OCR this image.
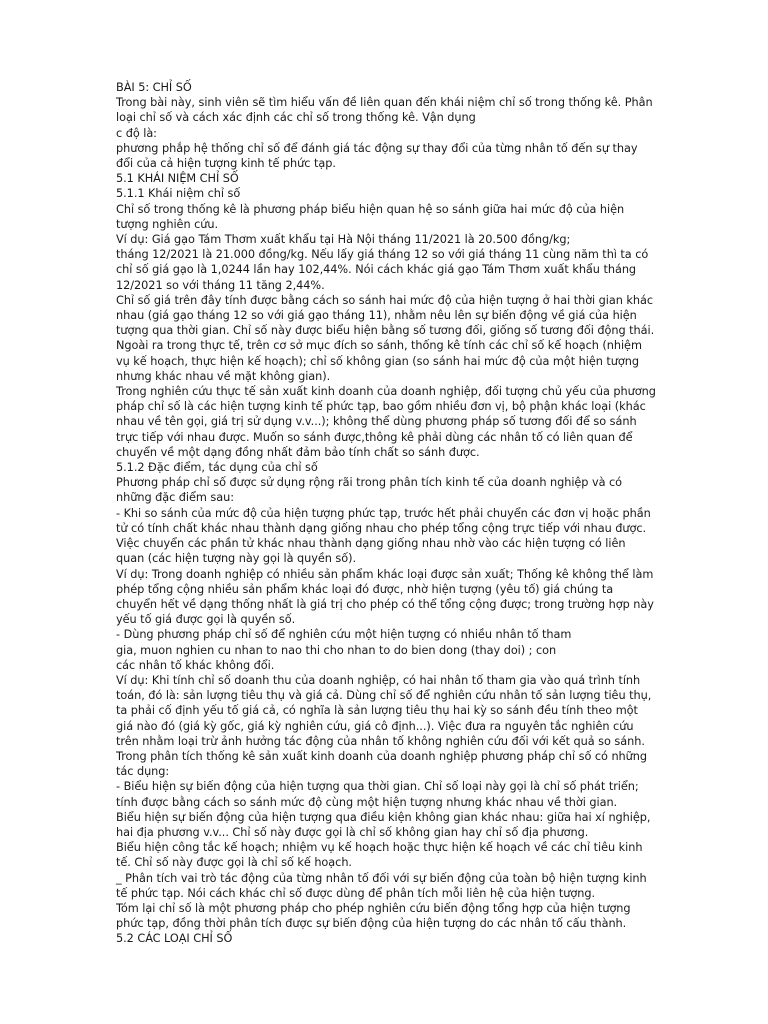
BÀI 5: CHỈ SỐ

Trong bài này, sinh viên sẽ tìm hiểu vấn đề liên quan đến khái niệm chỉ số trong thống kê. Phân loại chỉ số và cách xác định các chỉ số trong thống kê. Vận dụng

c độ là:

phương phắp hệ thống chỉ số để đánh giá tác động sự thay đổi của từng nhân tố đến sự thay đổi của cả hiện tượng kinh tế phức tạp.

5.1 KHÁI NIỆM CHỈ SỐ

5.1.1 Khái niệm chỉ số

Chỉ số trong thống kê là phương pháp biểu hiện quan hệ so sánh giữa hai mức độ của hiện tượng nghiên cứu.

Ví dụ: Giá gạo Tám Thơm xuất khẩu tại Hà Nội tháng 11/2021 là 20.500 đồng/kg;

tháng 12/2021 là 21.000 đồng/kg. Nếu lấy giá tháng 12 so với giá tháng 11 cùng năm thì ta có chỉ số giá gạo là 1,0244 lần hay 102,44%. Nói cách khác giá gạo Tám Thơm xuất khẩu tháng 12/2021 so với tháng 11 tăng 2,44%.

Chỉ số giá trên đây tính được bằng cách so sánh hai mức độ của hiện tượng ở hai thời gian khác nhau (giá gạo tháng 12 so với giá gạo tháng 11), nhằm nêu lên sự biến động về giá của hiện tượng qua thời gian. Chỉ số này được biểu hiện bằng số tương đối, giống số tương đối động thái.

Ngoài ra trong thực tế, trên cơ sở mục đích so sánh, thống kê tính các chỉ số kế hoạch (nhiệm vụ kế hoạch, thực hiện kế hoạch); chỉ số không gian (so sánh hai mức độ của một hiện tượng nhưng khác nhau về mặt không gian).

Trong nghiên cứu thực tế sản xuất kinh doanh của doanh nghiệp, đối tượng chủ yếu của phương pháp chỉ số là các hiện tượng kinh tế phức tạp, bao gồm nhiều đơn vị, bộ phận khác loại (khác nhau về tên gọi, giá trị sử dụng v.v...); không thể dùng phương pháp số tương đối để so sánh trực tiếp với nhau được. Muốn so sánh được,thông kê phải dùng các nhân tố có liên quan để chuyển về một dạng đồng nhất đảm bảo tính chất so sánh được.

5.1.2 Đặc điểm, tác dụng của chỉ số

Phương pháp chỉ số được sử dụng rộng rãi trong phân tích kinh tế của doanh nghiệp và có những đặc điểm sau:

- Khi so sánh của mức độ của hiện tượng phức tạp, trước hết phải chuyển các đơn vị hoặc phần tử có tính chất khác nhau thành dạng giống nhau cho phép tổng cộng trực tiếp với nhau được. Việc chuyển các phần tử khác nhau thành dạng giống nhau nhờ vào các hiện tượng có liên quan (các hiện tượng này gọi là quyền số).

Ví dụ: Trong doanh nghiệp có nhiều sản phẩm khác loại được sản xuất; Thống kê không thể làm phép tổng cộng nhiều sản phẩm khác loại đó được, nhờ hiện tượng (yêu tố) giá chúng ta chuyển hết về dạng thống nhất là giá trị cho phép có thể tổng cộng được; trong trường hợp này yếu tố giá được gọi là quyền số.

- Dùng phương pháp chỉ số để nghiên cứu một hiện tượng có nhiều nhân tố tham

gia, muon nghien cu nhan to nao thi cho nhan to do bien dong (thay doi) ; con

các nhân tố khác không đổi.

Ví dụ: Khi tính chỉ số doanh thu của doanh nghiệp, có hai nhân tố tham gia vào quá trình tính toán, đó là: sản lượng tiêu thụ và giá cả. Dùng chỉ số để nghiên cứu nhân tố sản lượng tiêu thụ, ta phải cố định yếu tố giá cả, có nghĩa là sản lượng tiêu thụ hai kỳ so sánh đều tính theo một giá nào đó (giá kỳ gốc, giá kỳ nghiên cứu, giá cô định...). Việc đưa ra nguyên tắc nghiên cứu trên nhằm loại trừ ảnh hưởng tác động của nhân tố không nghiên cứu đối với kết quả so sánh.

Trong phân tích thống kê sản xuất kinh doanh của doanh nghiệp phương pháp chỉ số có những tác dụng:

- Biểu hiện sự biến động của hiện tượng qua thời gian. Chỉ số loại này gọi là chỉ số phát triển; tính được bằng cách so sánh mức độ cùng một hiện tượng nhưng khác nhau về thời gian.

Biểu hiện sự biến động của hiện tượng qua điều kiện không gian khác nhau: giữa hai xí nghiệp, hai địa phương v.v... Chỉ số này được gọi là chỉ số không gian hay chỉ số địa phương.

Biểu hiện công tắc kế hoạch; nhiệm vụ kế hoạch hoặc thực hiện kế hoạch về các chỉ tiêu kinh tế. Chỉ số này được gọi là chỉ số kế hoạch.

_ Phân tích vai trò tác động của từng nhân tố đối với sự biến động của toàn bộ hiện tượng kinh tế phức tạp. Nói cách khác chỉ số được dùng để phân tích mỗi liên hệ của hiện tượng.

Tóm lại chỉ số là một phương pháp cho phép nghiên cứu biến động tổng hợp của hiện tượng phức tạp, đồng thời phân tích được sự biến động của hiện tượng do các nhân tố cấu thành.

5.2 CÁC LOẠI CHỈ SỐ
